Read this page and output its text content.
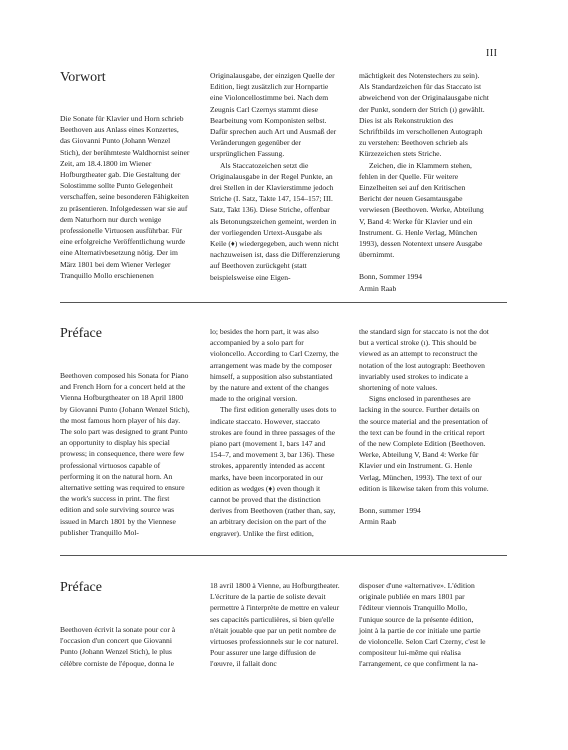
III
Vorwort

Die Sonate für Klavier und Horn schrieb Beethoven aus Anlass eines Konzertes, das Giovanni Punto (Johann Wenzel Stich), der berühmteste Waldhornist seiner Zeit, am 18.4.1800 im Wiener Hofburgtheater gab. Die Gestaltung der Solostimme sollte Punto Gelegenheit verschaffen, seine besonderen Fähigkeiten zu präsentieren. Infolgedessen war sie auf dem Naturhorn nur durch wenige professionelle Virtuosen ausführbar. Für eine erfolgreiche Veröffentlichung wurde eine Alternativbesetzung nötig. Der im März 1801 bei dem Wiener Verleger Tranquillo Mollo erschienenen

Originalausgabe, der einzigen Quelle der Edition, liegt zusätzlich zur Hornpartie eine Violoncellostimme bei. Nach dem Zeugnis Carl Czernys stammt diese Bearbeitung vom Komponisten selbst. Dafür sprechen auch Art und Ausmaß der Veränderungen gegenüber der ursprünglichen Fassung.

Als Staccatozeichen setzt die Originalausgabe in der Regel Punkte, an drei Stellen in der Klavierstimme jedoch Striche (I. Satz, Takte 147, 154–157; III. Satz, Takt 136). Diese Striche, offenbar als Betonungszeichen gemeint, werden in der vorliegenden Urtext-Ausgabe als Keile (♦) wiedergegeben, auch wenn nicht nachzuweisen ist, dass die Differenzierung auf Beethoven zurückgeht (statt beispielsweise eine Eigen-

mächtigkeit des Notenstechers zu sein). Als Standardzeichen für das Staccato ist abweichend von der Originalausgabe nicht der Punkt, sondern der Strich (ı) gewählt. Dies ist als Rekonstruktion des Schriftbilds im verschollenen Autograph zu verstehen: Beethoven schrieb als Kürzezeichen stets Striche.

Zeichen, die in Klammern stehen, fehlen in der Quelle. Für weitere Einzelheiten sei auf den Kritischen Bericht der neuen Gesamtausgabe verwiesen (Beethoven. Werke, Abteilung V, Band 4: Werke für Klavier und ein Instrument. G. Henle Verlag, München 1993), dessen Notentext unsere Ausgabe übernimmt.

Bonn, Sommer 1994

Armin Raab

Préface

Beethoven composed his Sonata for Piano and French Horn for a concert held at the Vienna Hofburgtheater on 18 April 1800 by Giovanni Punto (Johann Wenzel Stich), the most famous horn player of his day. The solo part was designed to grant Punto an opportunity to display his special prowess; in consequence, there were few professional virtuosos capable of performing it on the natural horn. An alternative setting was required to ensure the work's success in print. The first edition and sole surviving source was issued in March 1801 by the Viennese publisher Tranquillo Mol-

lo; besides the horn part, it was also accompanied by a solo part for violoncello. According to Carl Czerny, the arrangement was made by the composer himself, a supposition also substantiated by the nature and extent of the changes made to the original version.

The first edition generally uses dots to indicate staccato. However, staccato strokes are found in three passages of the piano part (movement 1, bars 147 and 154–7, and movement 3, bar 136). These strokes, apparently intended as accent marks, have been incorporated in our edition as wedges (♦) even though it cannot be proved that the distinction derives from Beethoven (rather than, say, an arbitrary decision on the part of the engraver). Unlike the first edition,

the standard sign for staccato is not the dot but a vertical stroke (ı). This should be viewed as an attempt to reconstruct the notation of the lost autograph: Beethoven invariably used strokes to indicate a shortening of note values.

Signs enclosed in parentheses are lacking in the source. Further details on the source material and the presentation of the text can be found in the critical report of the new Complete Edition (Beethoven. Werke, Abteilung V, Band 4: Werke für Klavier und ein Instrument. G. Henle Verlag, München, 1993). The text of our edition is likewise taken from this volume.

Bonn, summer 1994

Armin Raab

Préface

Beethoven écrivit la sonate pour cor à l'occasion d'un concert que Giovanni Punto (Johann Wenzel Stich), le plus célèbre corniste de l'époque, donna le

18 avril 1800 à Vienne, au Hofburgtheater. L'écriture de la partie de soliste devait permettre à l'interprète de mettre en valeur ses capacités particulières, si bien qu'elle n'était jouable que par un petit nombre de virtuoses professionnels sur le cor naturel. Pour assurer une large diffusion de l'œuvre, il fallait donc

disposer d'une «alternative». L'édition originale publiée en mars 1801 par l'éditeur viennois Tranquillo Mollo, l'unique source de la présente édition, joint à la partie de cor initiale une partie de violoncelle. Selon Carl Czerny, c'est le compositeur lui-même qui réalisa l'arrangement, ce que confirment la na-
